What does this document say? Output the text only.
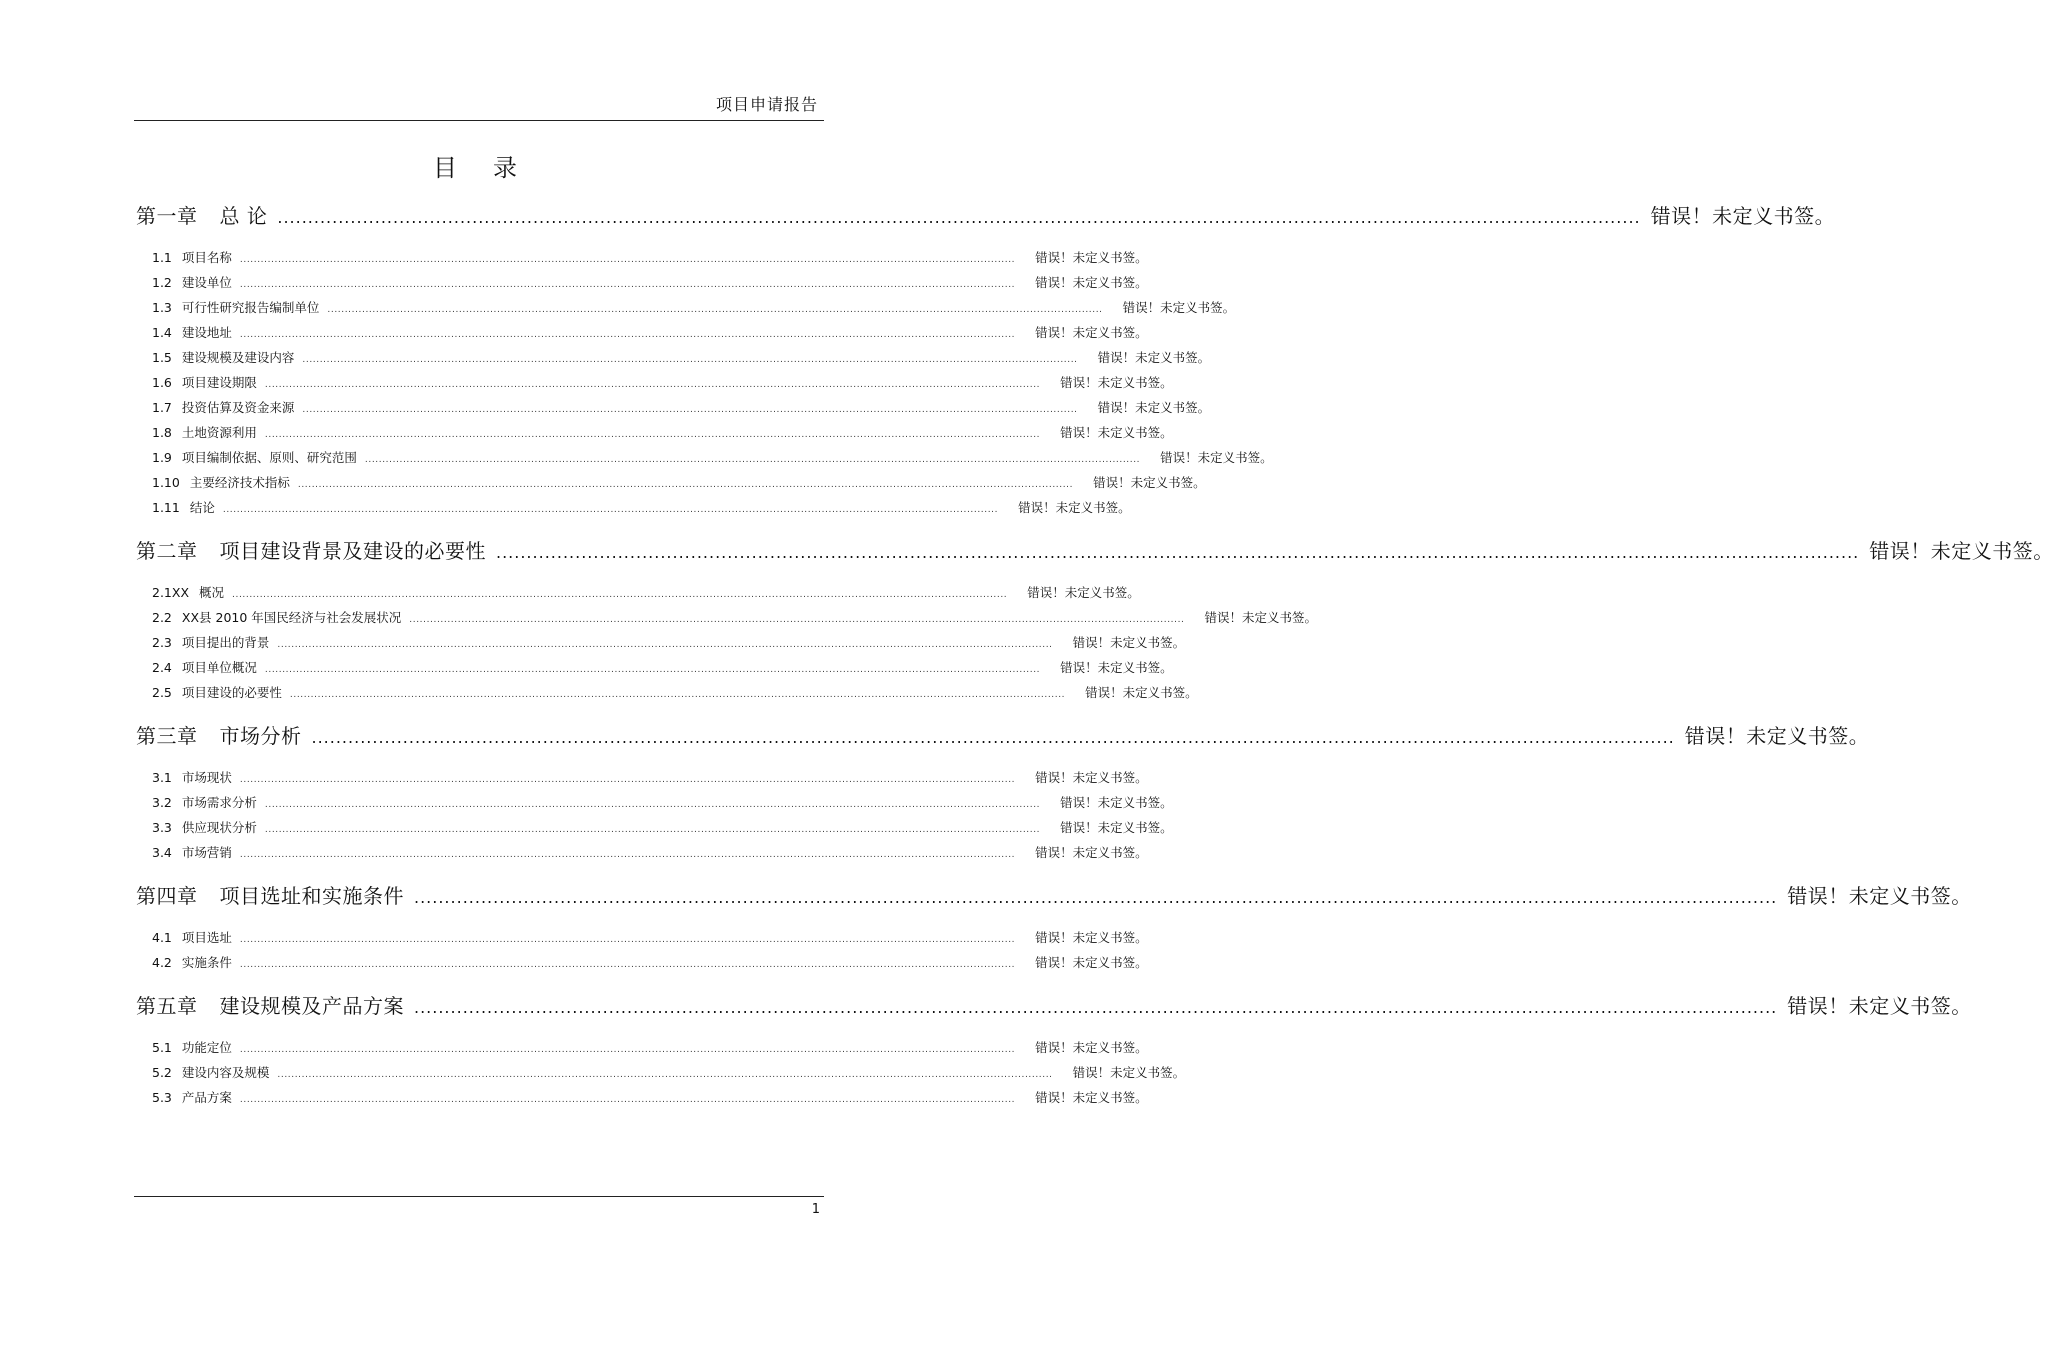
项目申请报告
目录
第一章 总 论 ................................................................................................................................................................................................................................ 错误！未定义书签。
1.1 项目名称 ................................................................................................................................................................................................................................ 错误！未定义书签。
1.2 建设单位 ................................................................................................................................................................................................................................ 错误！未定义书签。
1.3 可行性研究报告编制单位 ................................................................................................................................................................................................................................ 错误！未定义书签。
1.4 建设地址 ................................................................................................................................................................................................................................ 错误！未定义书签。
1.5 建设规模及建设内容 ................................................................................................................................................................................................................................ 错误！未定义书签。
1.6 项目建设期限 ................................................................................................................................................................................................................................ 错误！未定义书签。
1.7 投资估算及资金来源 ................................................................................................................................................................................................................................ 错误！未定义书签。
1.8 土地资源利用 ................................................................................................................................................................................................................................ 错误！未定义书签。
1.9 项目编制依据、原则、研究范围 ................................................................................................................................................................................................................................ 错误！未定义书签。
1.10 主要经济技术指标 ................................................................................................................................................................................................................................ 错误！未定义书签。
1.11 结论 ................................................................................................................................................................................................................................ 错误！未定义书签。
第二章 项目建设背景及建设的必要性 ................................................................................................................................................................................................................................ 错误！未定义书签。
2.1XX 概况 ................................................................................................................................................................................................................................ 错误！未定义书签。
2.2 XX县 2010 年国民经济与社会发展状况 ................................................................................................................................................................................................................................ 错误！未定义书签。
2.3 项目提出的背景 ................................................................................................................................................................................................................................ 错误！未定义书签。
2.4 项目单位概况 ................................................................................................................................................................................................................................ 错误！未定义书签。
2.5 项目建设的必要性 ................................................................................................................................................................................................................................ 错误！未定义书签。
第三章 市场分析 ................................................................................................................................................................................................................................ 错误！未定义书签。
3.1 市场现状 ................................................................................................................................................................................................................................ 错误！未定义书签。
3.2 市场需求分析 ................................................................................................................................................................................................................................ 错误！未定义书签。
3.3 供应现状分析 ................................................................................................................................................................................................................................ 错误！未定义书签。
3.4 市场营销 ................................................................................................................................................................................................................................ 错误！未定义书签。
第四章 项目选址和实施条件 ................................................................................................................................................................................................................................ 错误！未定义书签。
4.1 项目选址 ................................................................................................................................................................................................................................ 错误！未定义书签。
4.2 实施条件 ................................................................................................................................................................................................................................ 错误！未定义书签。
第五章 建设规模及产品方案 ................................................................................................................................................................................................................................ 错误！未定义书签。
5.1 功能定位 ................................................................................................................................................................................................................................ 错误！未定义书签。
5.2 建设内容及规模 ................................................................................................................................................................................................................................ 错误！未定义书签。
5.3 产品方案 ................................................................................................................................................................................................................................ 错误！未定义书签。
1
